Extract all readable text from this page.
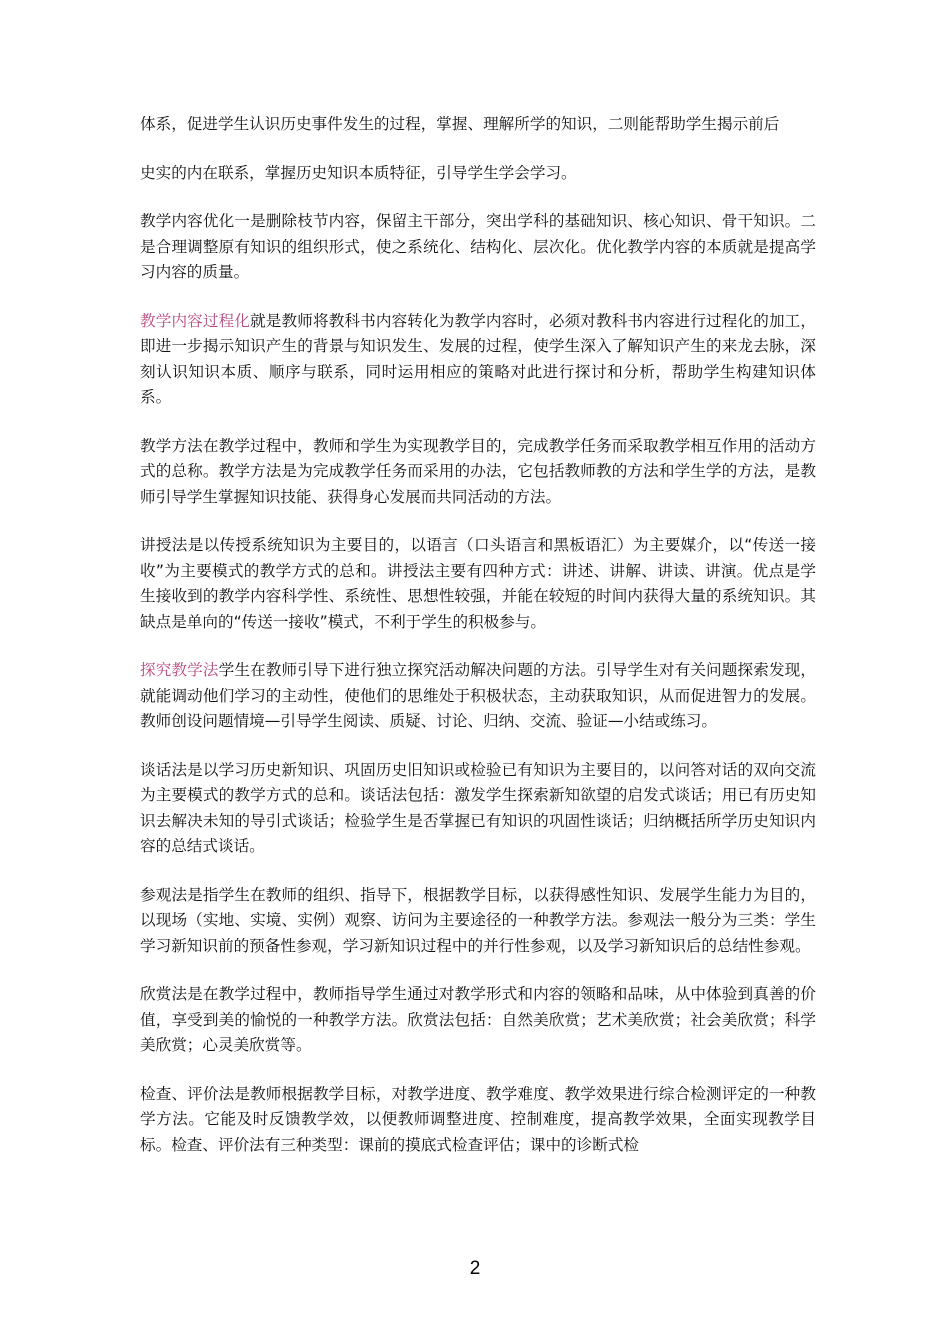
体系，促进学生认识历史事件发生的过程，掌握、理解所学的知识，二则能帮助学生揭示前后

史实的内在联系，掌握历史知识本质特征，引导学生学会学习。

教学内容优化一是删除枝节内容，保留主干部分，突出学科的基础知识、核心知识、骨干知识。二是合理调整原有知识的组织形式，使之系统化、结构化、层次化。优化教学内容的本质就是提高学习内容的质量。

教学内容过程化就是教师将教科书内容转化为教学内容时，必须对教科书内容进行过程化的加工，即进一步揭示知识产生的背景与知识发生、发展的过程，使学生深入了解知识产生的来龙去脉，深刻认识知识本质、顺序与联系，同时运用相应的策略对此进行探讨和分析，帮助学生构建知识体系。

教学方法在教学过程中，教师和学生为实现教学目的，完成教学任务而采取教学相互作用的活动方式的总称。教学方法是为完成教学任务而采用的办法，它包括教师教的方法和学生学的方法，是教师引导学生掌握知识技能、获得身心发展而共同活动的方法。

讲授法是以传授系统知识为主要目的，以语言（口头语言和黑板语汇）为主要媒介，以“传送一接收”为主要模式的教学方式的总和。讲授法主要有四种方式：讲述、讲解、讲读、讲演。优点是学生接收到的教学内容科学性、系统性、思想性较强，并能在较短的时间内获得大量的系统知识。其缺点是单向的“传送一接收”模式，不利于学生的积极参与。

探究教学法学生在教师引导下进行独立探究活动解决问题的方法。引导学生对有关问题探索发现，就能调动他们学习的主动性，使他们的思维处于积极状态，主动获取知识，从而促进智力的发展。教师创设问题情境—引导学生阅读、质疑、讨论、归纳、交流、验证—小结或练习。

谈话法是以学习历史新知识、巩固历史旧知识或检验已有知识为主要目的，以问答对话的双向交流为主要模式的教学方式的总和。谈话法包括：激发学生探索新知欲望的启发式谈话；用已有历史知识去解决未知的导引式谈话；检验学生是否掌握已有知识的巩固性谈话；归纳概括所学历史知识内容的总结式谈话。

参观法是指学生在教师的组织、指导下，根据教学目标，以获得感性知识、发展学生能力为目的，以现场（实地、实境、实例）观察、访问为主要途径的一种教学方法。参观法一般分为三类：学生学习新知识前的预备性参观，学习新知识过程中的并行性参观，以及学习新知识后的总结性参观。

欣赏法是在教学过程中，教师指导学生通过对教学形式和内容的领略和品味，从中体验到真善的价值，享受到美的愉悦的一种教学方法。欣赏法包括：自然美欣赏；艺术美欣赏；社会美欣赏；科学美欣赏；心灵美欣赏等。

检查、评价法是教师根据教学目标，对教学进度、教学难度、教学效果进行综合检测评定的一种教学方法。它能及时反馈教学效，以便教师调整进度、控制难度，提高教学效果，全面实现教学目标。检查、评价法有三种类型：课前的摸底式检查评估；课中的诊断式检

2
